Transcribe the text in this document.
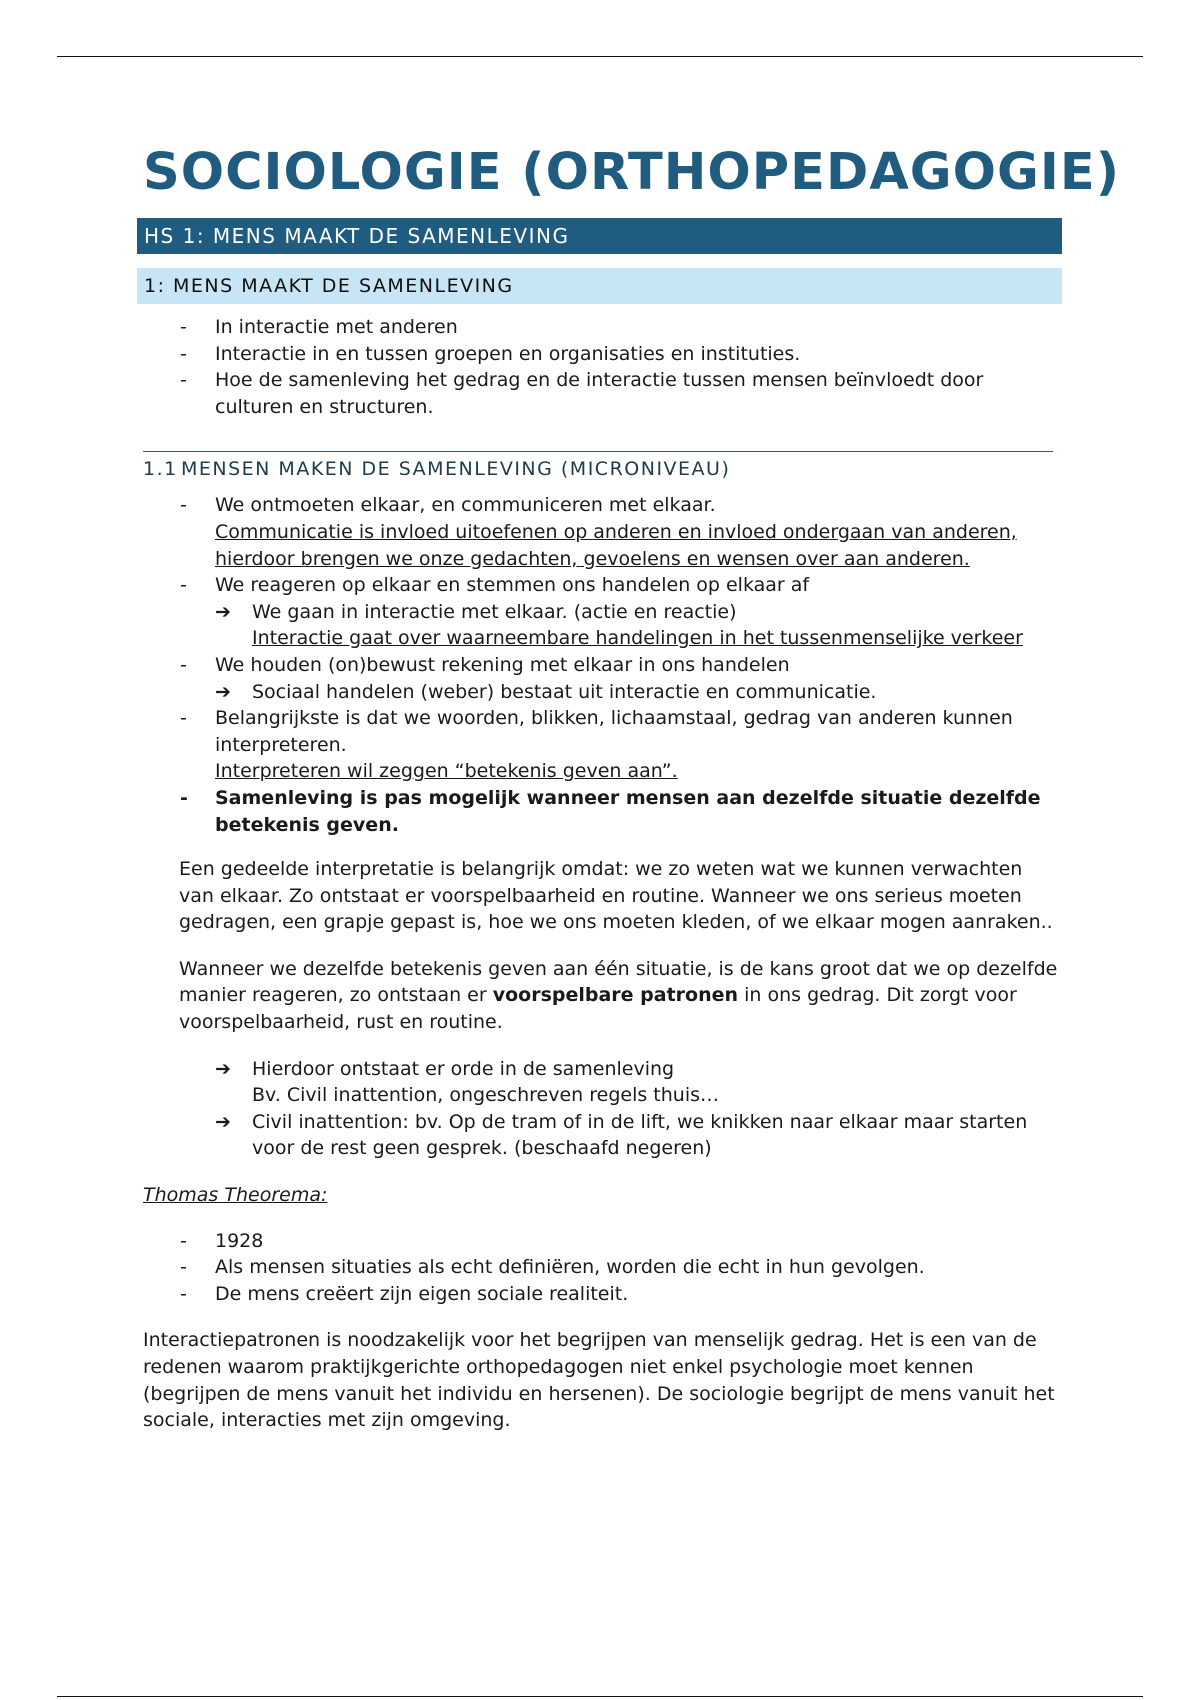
SOCIOLOGIE (ORTHOPEDAGOGIE)
HS 1: MENS MAAKT DE SAMENLEVING
1: MENS MAAKT DE SAMENLEVING
- In interactie met anderen
- Interactie in en tussen groepen en organisaties en instituties.
- Hoe de samenleving het gedrag en de interactie tussen mensen beïnvloedt door culturen en structuren.
1.1 MENSEN MAKEN DE SAMENLEVING (MICRONIVEAU)
- We ontmoeten elkaar, en communiceren met elkaar.
Communicatie is invloed uitoefenen op anderen en invloed ondergaan van anderen, hierdoor brengen we onze gedachten, gevoelens en wensen over aan anderen.
- We reageren op elkaar en stemmen ons handelen op elkaar af
➔ We gaan in interactie met elkaar. (actie en reactie)
Interactie gaat over waarneembare handelingen in het tussenmenselijke verkeer
- We houden (on)bewust rekening met elkaar in ons handelen
➔ Sociaal handelen (weber) bestaat uit interactie en communicatie.
- Belangrijkste is dat we woorden, blikken, lichaamstaal, gedrag van anderen kunnen interpreteren.
Interpreteren wil zeggen “betekenis geven aan”.
- Samenleving is pas mogelijk wanneer mensen aan dezelfde situatie dezelfde betekenis geven.

Een gedeelde interpretatie is belangrijk omdat: we zo weten wat we kunnen verwachten van elkaar. Zo ontstaat er voorspelbaarheid en routine. Wanneer we ons serieus moeten gedragen, een grapje gepast is, hoe we ons moeten kleden, of we elkaar mogen aanraken..

Wanneer we dezelfde betekenis geven aan één situatie, is de kans groot dat we op dezelfde manier reageren, zo ontstaan er voorspelbare patronen in ons gedrag. Dit zorgt voor voorspelbaarheid, rust en routine.

➔ Hierdoor ontstaat er orde in de samenleving
Bv. Civil inattention, ongeschreven regels thuis…
➔ Civil inattention: bv. Op de tram of in de lift, we knikken naar elkaar maar starten voor de rest geen gesprek. (beschaafd negeren)
Thomas Theorema:
- 1928
- Als mensen situaties als echt definiëren, worden die echt in hun gevolgen.
- De mens creëert zijn eigen sociale realiteit.

Interactiepatronen is noodzakelijk voor het begrijpen van menselijk gedrag. Het is een van de redenen waarom praktijkgerichte orthopedagogen niet enkel psychologie moet kennen (begrijpen de mens vanuit het individu en hersenen). De sociologie begrijpt de mens vanuit het sociale, interacties met zijn omgeving.
